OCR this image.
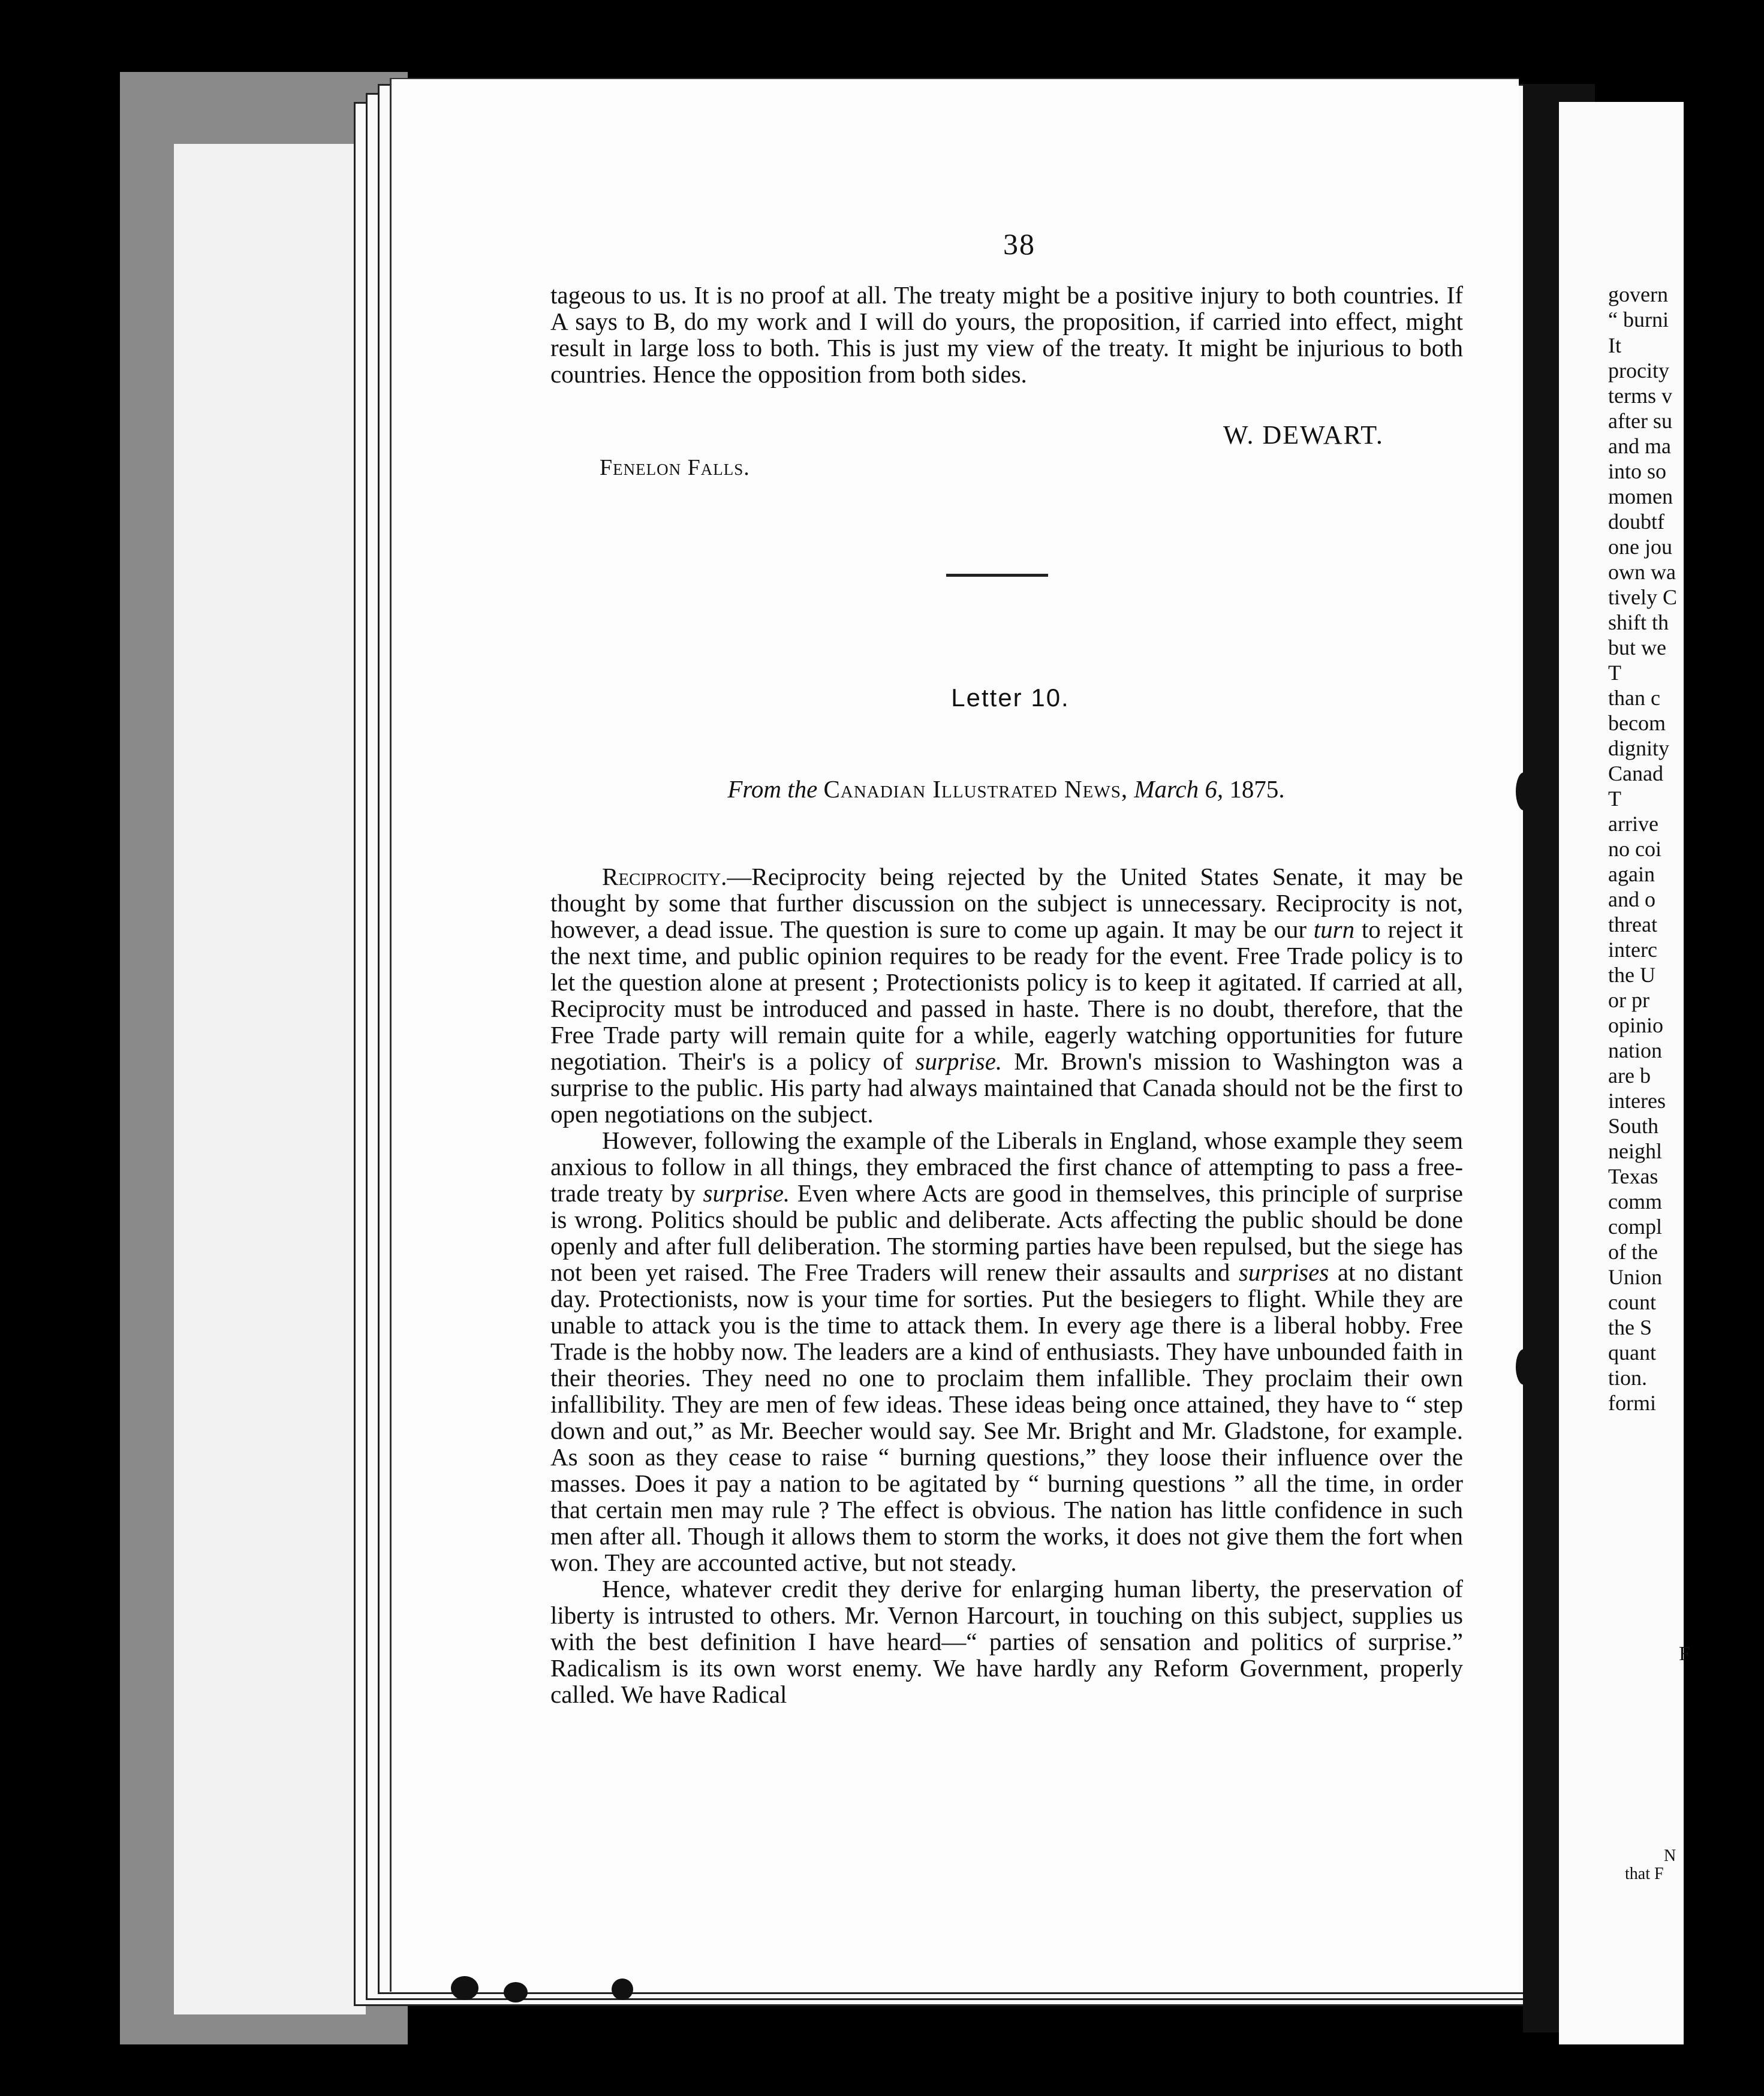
govern
“ burni
It
procity
terms v
after su
and ma
into so
momen
doubtf
one jou
own wa
tively C
shift th
but we
T
than c
becom
dignity
Canad
T
arrive
no coi
again
and o
threat
interc
the U
or pr
opinio
nation
are b
interes
South
neighl
Texas
comm
compl
of the
Union
count
the S
quant
tion.
formi
F
N
that F
38

tageous to us. It is no proof at all. The treaty might be a positive injury to both countries. If A says to B, do my work and I will do yours, the proposition, if carried into effect, might result in large loss to both. This is just my view of the treaty. It might be injurious to both countries. Hence the opposition from both sides.

W. DEWART.
Fenelon Falls.
Letter 10.
From the Canadian Illustrated News, March 6, 1875.

Reciprocity.—Reciprocity being rejected by the United States Senate, it may be thought by some that further discussion on the subject is unnecessary. Reciprocity is not, however, a dead issue. The question is sure to come up again. It may be our turn to reject it the next time, and public opinion requires to be ready for the event. Free Trade policy is to let the question alone at present ; Protectionists policy is to keep it agitated. If carried at all, Reciprocity must be introduced and passed in haste. There is no doubt, therefore, that the Free Trade party will remain quite for a while, eagerly watching opportunities for future negotiation. Their's is a policy of surprise. Mr. Brown's mission to Washington was a surprise to the public. His party had always maintained that Canada should not be the first to open negotiations on the subject.

However, following the example of the Liberals in England, whose example they seem anxious to follow in all things, they embraced the first chance of attempting to pass a free-trade treaty by surprise. Even where Acts are good in themselves, this principle of surprise is wrong. Politics should be public and deliberate. Acts affecting the public should be done openly and after full deliberation. The storming parties have been repulsed, but the siege has not been yet raised. The Free Traders will renew their assaults and surprises at no distant day. Protectionists, now is your time for sorties. Put the besiegers to flight. While they are unable to attack you is the time to attack them. In every age there is a liberal hobby. Free Trade is the hobby now. The leaders are a kind of enthusiasts. They have unbounded faith in their theories. They need no one to proclaim them infallible. They proclaim their own infallibility. They are men of few ideas. These ideas being once attained, they have to “ step down and out,” as Mr. Beecher would say. See Mr. Bright and Mr. Gladstone, for example. As soon as they cease to raise “ burning questions,” they loose their influence over the masses. Does it pay a nation to be agitated by “ burning questions ” all the time, in order that certain men may rule ? The effect is obvious. The nation has little confidence in such men after all. Though it allows them to storm the works, it does not give them the fort when won. They are accounted active, but not steady.

Hence, whatever credit they derive for enlarging human liberty, the preservation of liberty is intrusted to others. Mr. Vernon Harcourt, in touching on this subject, supplies us with the best definition I have heard—“ parties of sensation and politics of surprise.” Radicalism is its own worst enemy. We have hardly any Reform Government, properly called. We have Radical
